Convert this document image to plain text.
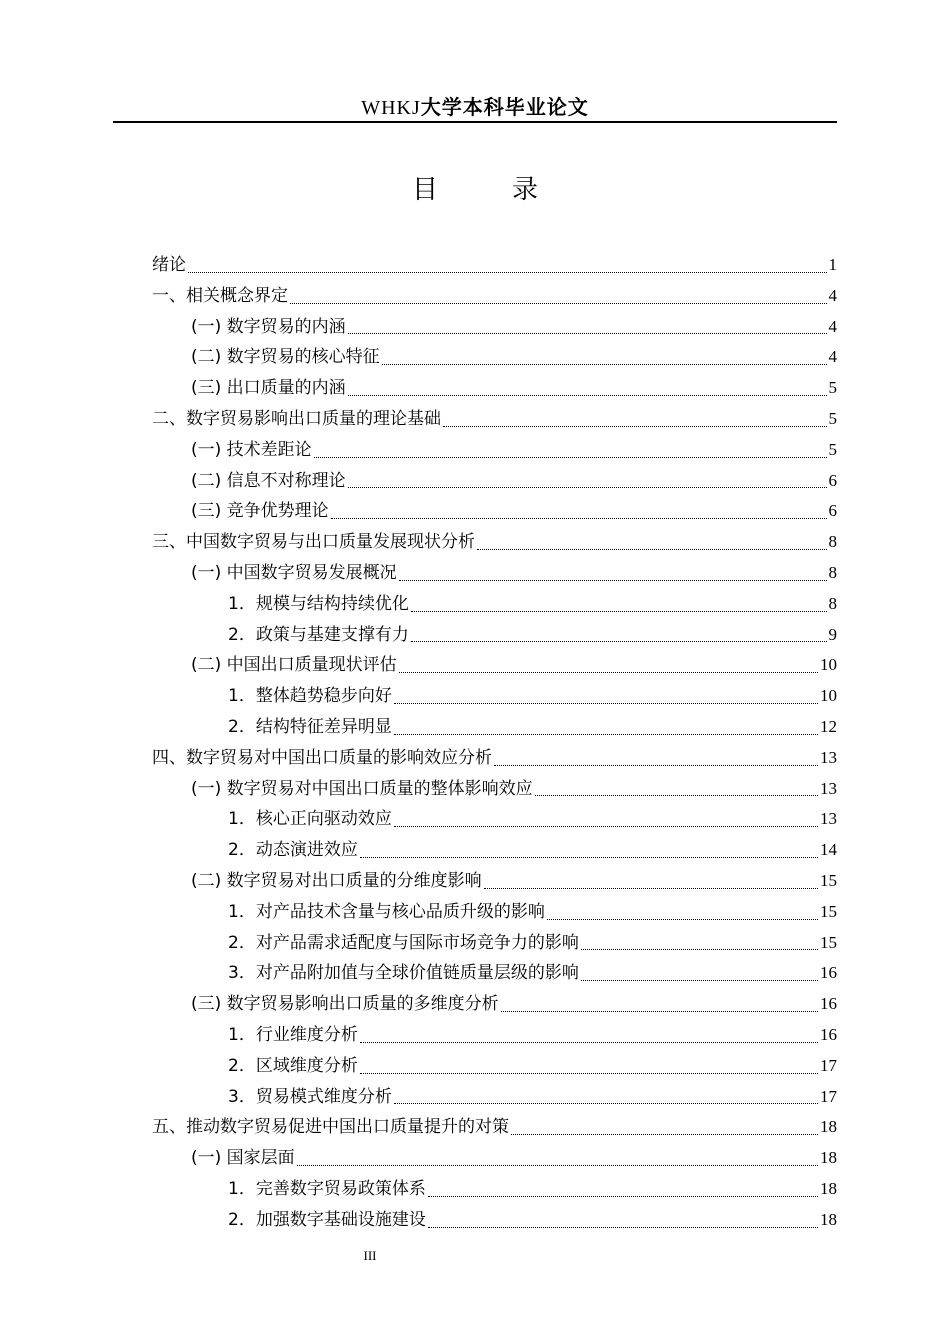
WHKJ大学本科毕业论文
目　录
绪论	1
一、相关概念界定	4
(一) 数字贸易的内涵	4
(二) 数字贸易的核心特征	4
(三) 出口质量的内涵	5
二、数字贸易影响出口质量的理论基础	5
(一) 技术差距论	5
(二) 信息不对称理论	6
(三) 竞争优势理论	6
三、中国数字贸易与出口质量发展现状分析	8
(一) 中国数字贸易发展概况	8
1．规模与结构持续优化	8
2．政策与基建支撑有力	9
(二) 中国出口质量现状评估	10
1．整体趋势稳步向好	10
2．结构特征差异明显	12
四、数字贸易对中国出口质量的影响效应分析	13
(一) 数字贸易对中国出口质量的整体影响效应	13
1．核心正向驱动效应	13
2．动态演进效应	14
(二) 数字贸易对出口质量的分维度影响	15
1．对产品技术含量与核心品质升级的影响	15
2．对产品需求适配度与国际市场竞争力的影响	15
3．对产品附加值与全球价值链质量层级的影响	16
(三) 数字贸易影响出口质量的多维度分析	16
1．行业维度分析	16
2．区域维度分析	17
3．贸易模式维度分析	17
五、推动数字贸易促进中国出口质量提升的对策	18
(一) 国家层面	18
1．完善数字贸易政策体系	18
2．加强数字基础设施建设	18
III
